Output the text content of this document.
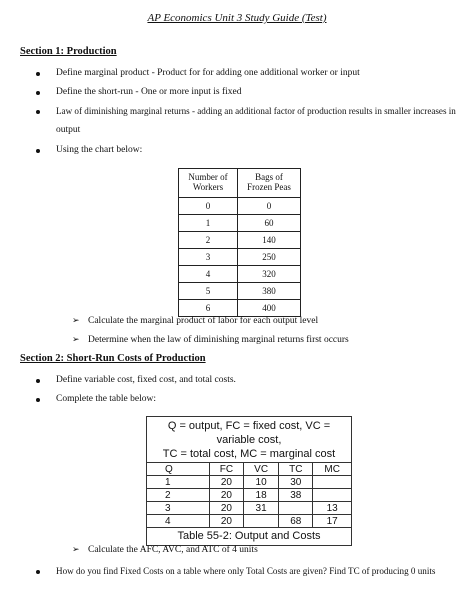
AP Economics Unit 3 Study Guide (Test)
Section 1: Production
Define marginal product - Product for for adding one additional worker or input
Define the short-run - One or more input is fixed
Law of diminishing marginal returns - adding an additional factor of production results in smaller increases in
output
Using the chart below:
Number of
Workers	Bags of
Frozen Peas
0	0
1	60
2	140
3	250
4	320
5	380
6	400
➢ Calculate the marginal product of labor for each output level
➢ Determine when the law of diminishing marginal returns first occurs
Section 2: Short-Run Costs of Production
Define variable cost, fixed cost, and total costs.
Complete the table below:
Q = output, FC = fixed cost, VC = variable cost,
TC = total cost, MC = marginal cost
Q	FC	VC	TC	MC
1	20	10	30	
2	20	18	38	
3	20	31		13
4	20		68	17
Table 55-2: Output and Costs
➢ Calculate the AFC, AVC, and ATC of 4 units
How do you find Fixed Costs on a table where only Total Costs are given? Find TC of producing 0 units
